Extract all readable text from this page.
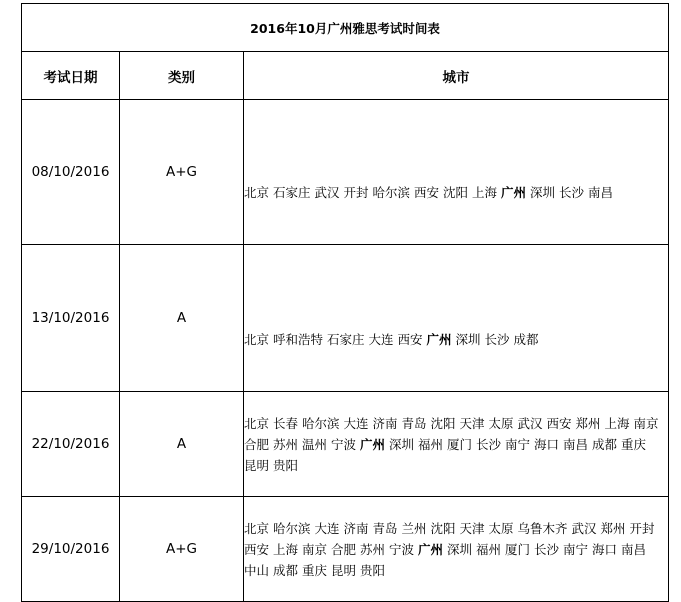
2016年10月广州雅思考试时间表		
考试日期	类别	城市
08/10/2016	A+G	北京 石家庄 武汉 开封 哈尔滨 西安 沈阳 上海 广州 深圳 长沙 南昌
13/10/2016	A	北京 呼和浩特 石家庄 大连 西安 广州 深圳 长沙 成都
22/10/2016	A	北京 长春 哈尔滨 大连 济南 青岛 沈阳 天津 太原 武汉 西安 郑州 上海 南京 合肥 苏州 温州 宁波 广州 深圳 福州 厦门 长沙 南宁 海口 南昌 成都 重庆 昆明 贵阳
29/10/2016	A+G	北京 哈尔滨 大连 济南 青岛 兰州 沈阳 天津 太原 乌鲁木齐 武汉 郑州 开封 西安 上海 南京 合肥 苏州 宁波 广州 深圳 福州 厦门 长沙 南宁 海口 南昌 中山 成都 重庆 昆明 贵阳
